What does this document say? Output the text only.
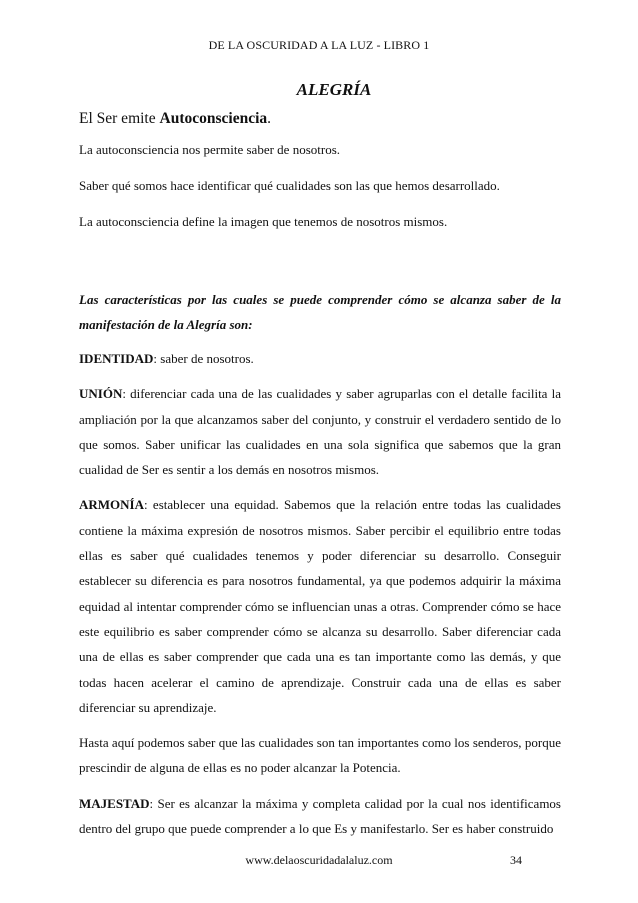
DE LA OSCURIDAD A LA LUZ - LIBRO 1
ALEGRÍA

El Ser emite Autoconsciencia.

La autoconsciencia nos permite saber de nosotros.

Saber qué somos hace identificar qué cualidades son las que hemos desarrollado.

La autoconsciencia define la imagen que tenemos de nosotros mismos.

Las características por las cuales se puede comprender cómo se alcanza saber de la manifestación de la Alegría son:

IDENTIDAD: saber de nosotros.

UNIÓN: diferenciar cada una de las cualidades y saber agruparlas con el detalle facilita la ampliación por la que alcanzamos saber del conjunto, y construir el verdadero sentido de lo que somos. Saber unificar las cualidades en una sola significa que sabemos que la gran cualidad de Ser es sentir a los demás en nosotros mismos.

ARMONÍA: establecer una equidad. Sabemos que la relación entre todas las cualidades contiene la máxima expresión de nosotros mismos. Saber percibir el equilibrio entre todas ellas es saber qué cualidades tenemos y poder diferenciar su desarrollo. Conseguir establecer su diferencia es para nosotros fundamental, ya que podemos adquirir la máxima equidad al intentar comprender cómo se influencian unas a otras. Comprender cómo se hace este equilibrio es saber comprender cómo se alcanza su desarrollo. Saber diferenciar cada una de ellas es saber comprender que cada una es tan importante como las demás, y que todas hacen acelerar el camino de aprendizaje. Construir cada una de ellas es saber diferenciar su aprendizaje.

Hasta aquí podemos saber que las cualidades son tan importantes como los senderos, porque prescindir de alguna de ellas es no poder alcanzar la Potencia.

MAJESTAD: Ser es alcanzar la máxima y completa calidad por la cual nos identificamos dentro del grupo que puede comprender a lo que Es y manifestarlo. Ser es haber construido

www.delaoscuridadalaluz.com	34
